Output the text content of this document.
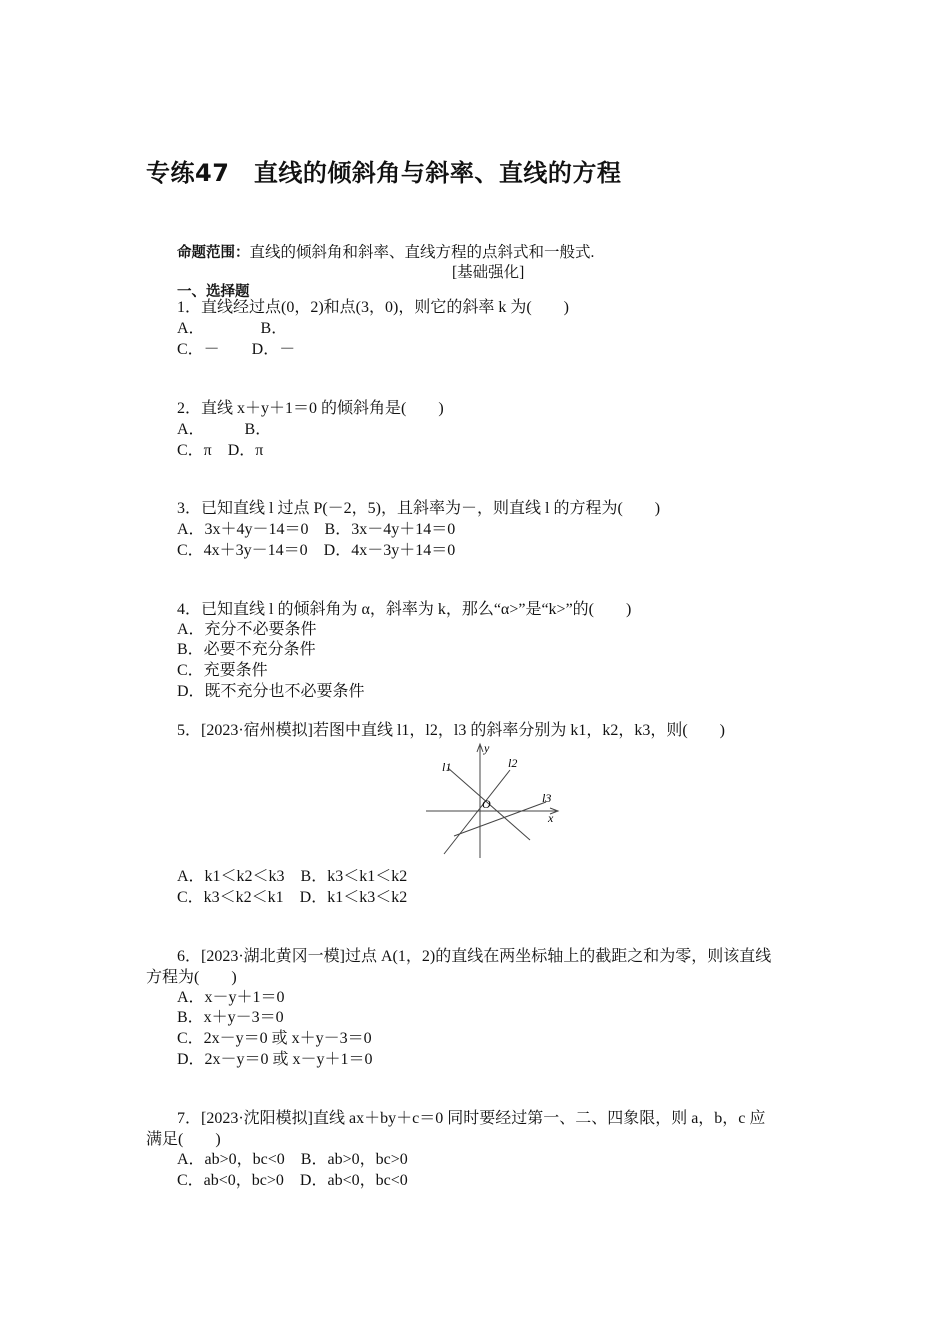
专练47　直线的倾斜角与斜率、直线的方程
命题范围：直线的倾斜角和斜率、直线方程的点斜式和一般式.
[基础强化]
一、选择题
1．直线经过点(0，2)和点(3，0)，则它的斜率 k 为(　　)
A．　　　　B．
C．－　　D．－
2．直线 x＋y＋1＝0 的倾斜角是(　　)
A．　　　B．
C．π　D．π
3．已知直线 l 过点 P(－2，5)，且斜率为－，则直线 l 的方程为(　　)
A．3x＋4y－14＝0　B．3x－4y＋14＝0
C．4x＋3y－14＝0　D．4x－3y＋14＝0
4．已知直线 l 的倾斜角为 α，斜率为 k，那么“α>”是“k>”的(　　)
A．充分不必要条件
B．必要不充分条件
C．充要条件
D．既不充分也不必要条件
5．[2023·宿州模拟]若图中直线 l1，l2，l3 的斜率分别为 k1，k2，k3，则(　　)
l1	l2
l3
y
x
O
A．k1＜k2＜k3　B．k3＜k1＜k2
C．k3＜k2＜k1　D．k1＜k3＜k2
6．[2023·湖北黄冈一模]过点 A(1，2)的直线在两坐标轴上的截距之和为零，则该直线
方程为(　　)
A．x－y＋1＝0
B．x＋y－3＝0
C．2x－y＝0 或 x＋y－3＝0
D．2x－y＝0 或 x－y＋1＝0
7．[2023·沈阳模拟]直线 ax＋by＋c＝0 同时要经过第一、二、四象限，则 a，b，c 应
满足(　　)
A．ab>0，bc<0　B．ab>0，bc>0
C．ab<0，bc>0　D．ab<0，bc<0
